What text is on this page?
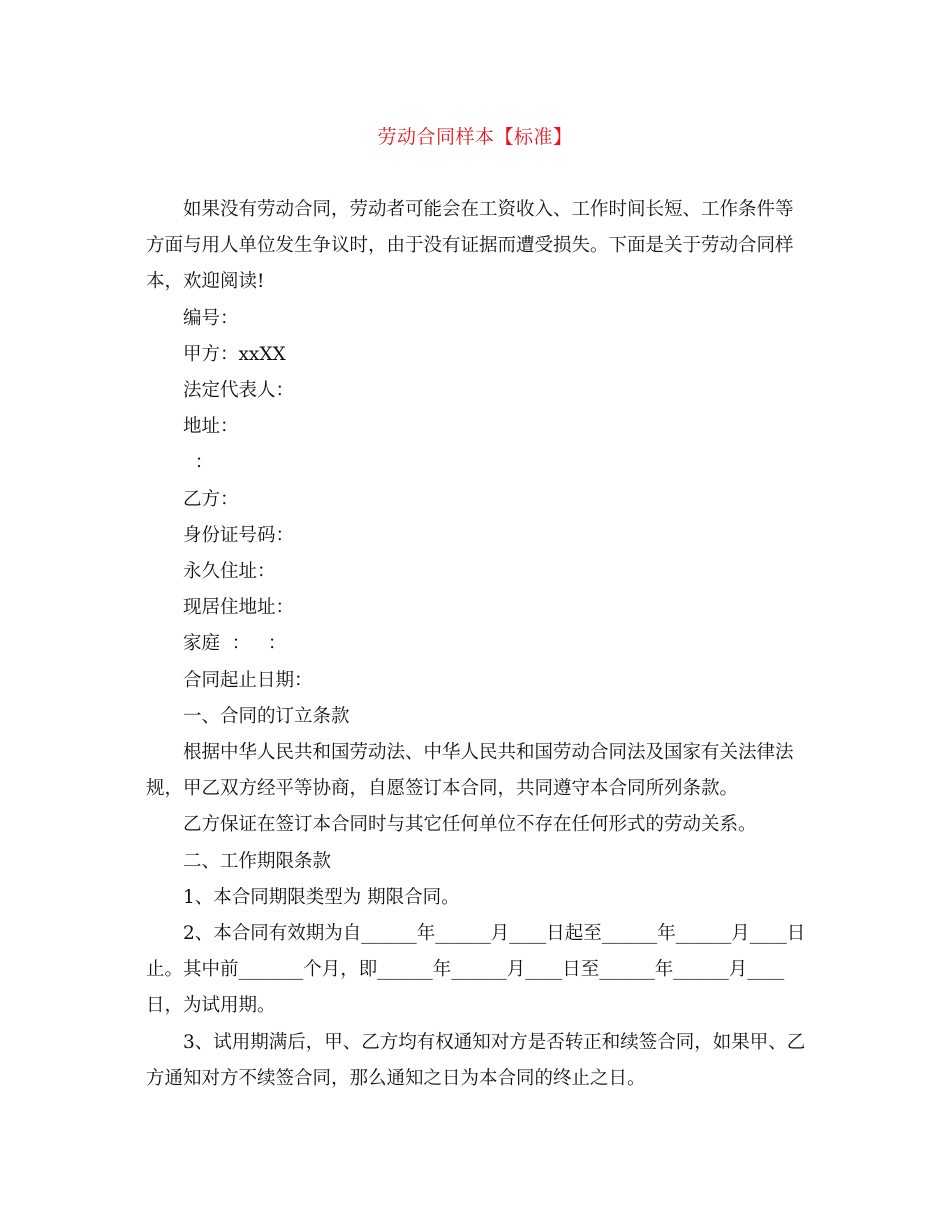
劳动合同样本【标准】

如果没有劳动合同，劳动者可能会在工资收入、工作时间长短、工作条件等方面与用人单位发生争议时，由于没有证据而遭受损失。下面是关于劳动合同样本，欢迎阅读!

编号：

甲方：xxXX

法定代表人：

地址：

：

乙方：

身份证号码：

永久住址：

现居住地址：

家庭  ：   ：

合同起止日期：

一、合同的订立条款

根据中华人民共和国劳动法、中华人民共和国劳动合同法及国家有关法律法规，甲乙双方经平等协商，自愿签订本合同，共同遵守本合同所列条款。

乙方保证在签订本合同时与其它任何单位不存在任何形式的劳动关系。

二、工作期限条款

1、本合同期限类型为 期限合同。

2、本合同有效期为自______年______月____日起至______年______月____日止。其中前_______个月，即______年______月____日至______年______月____日，为试用期。

3、试用期满后，甲、乙方均有权通知对方是否转正和续签合同，如果甲、乙方通知对方不续签合同，那么通知之日为本合同的终止之日。
